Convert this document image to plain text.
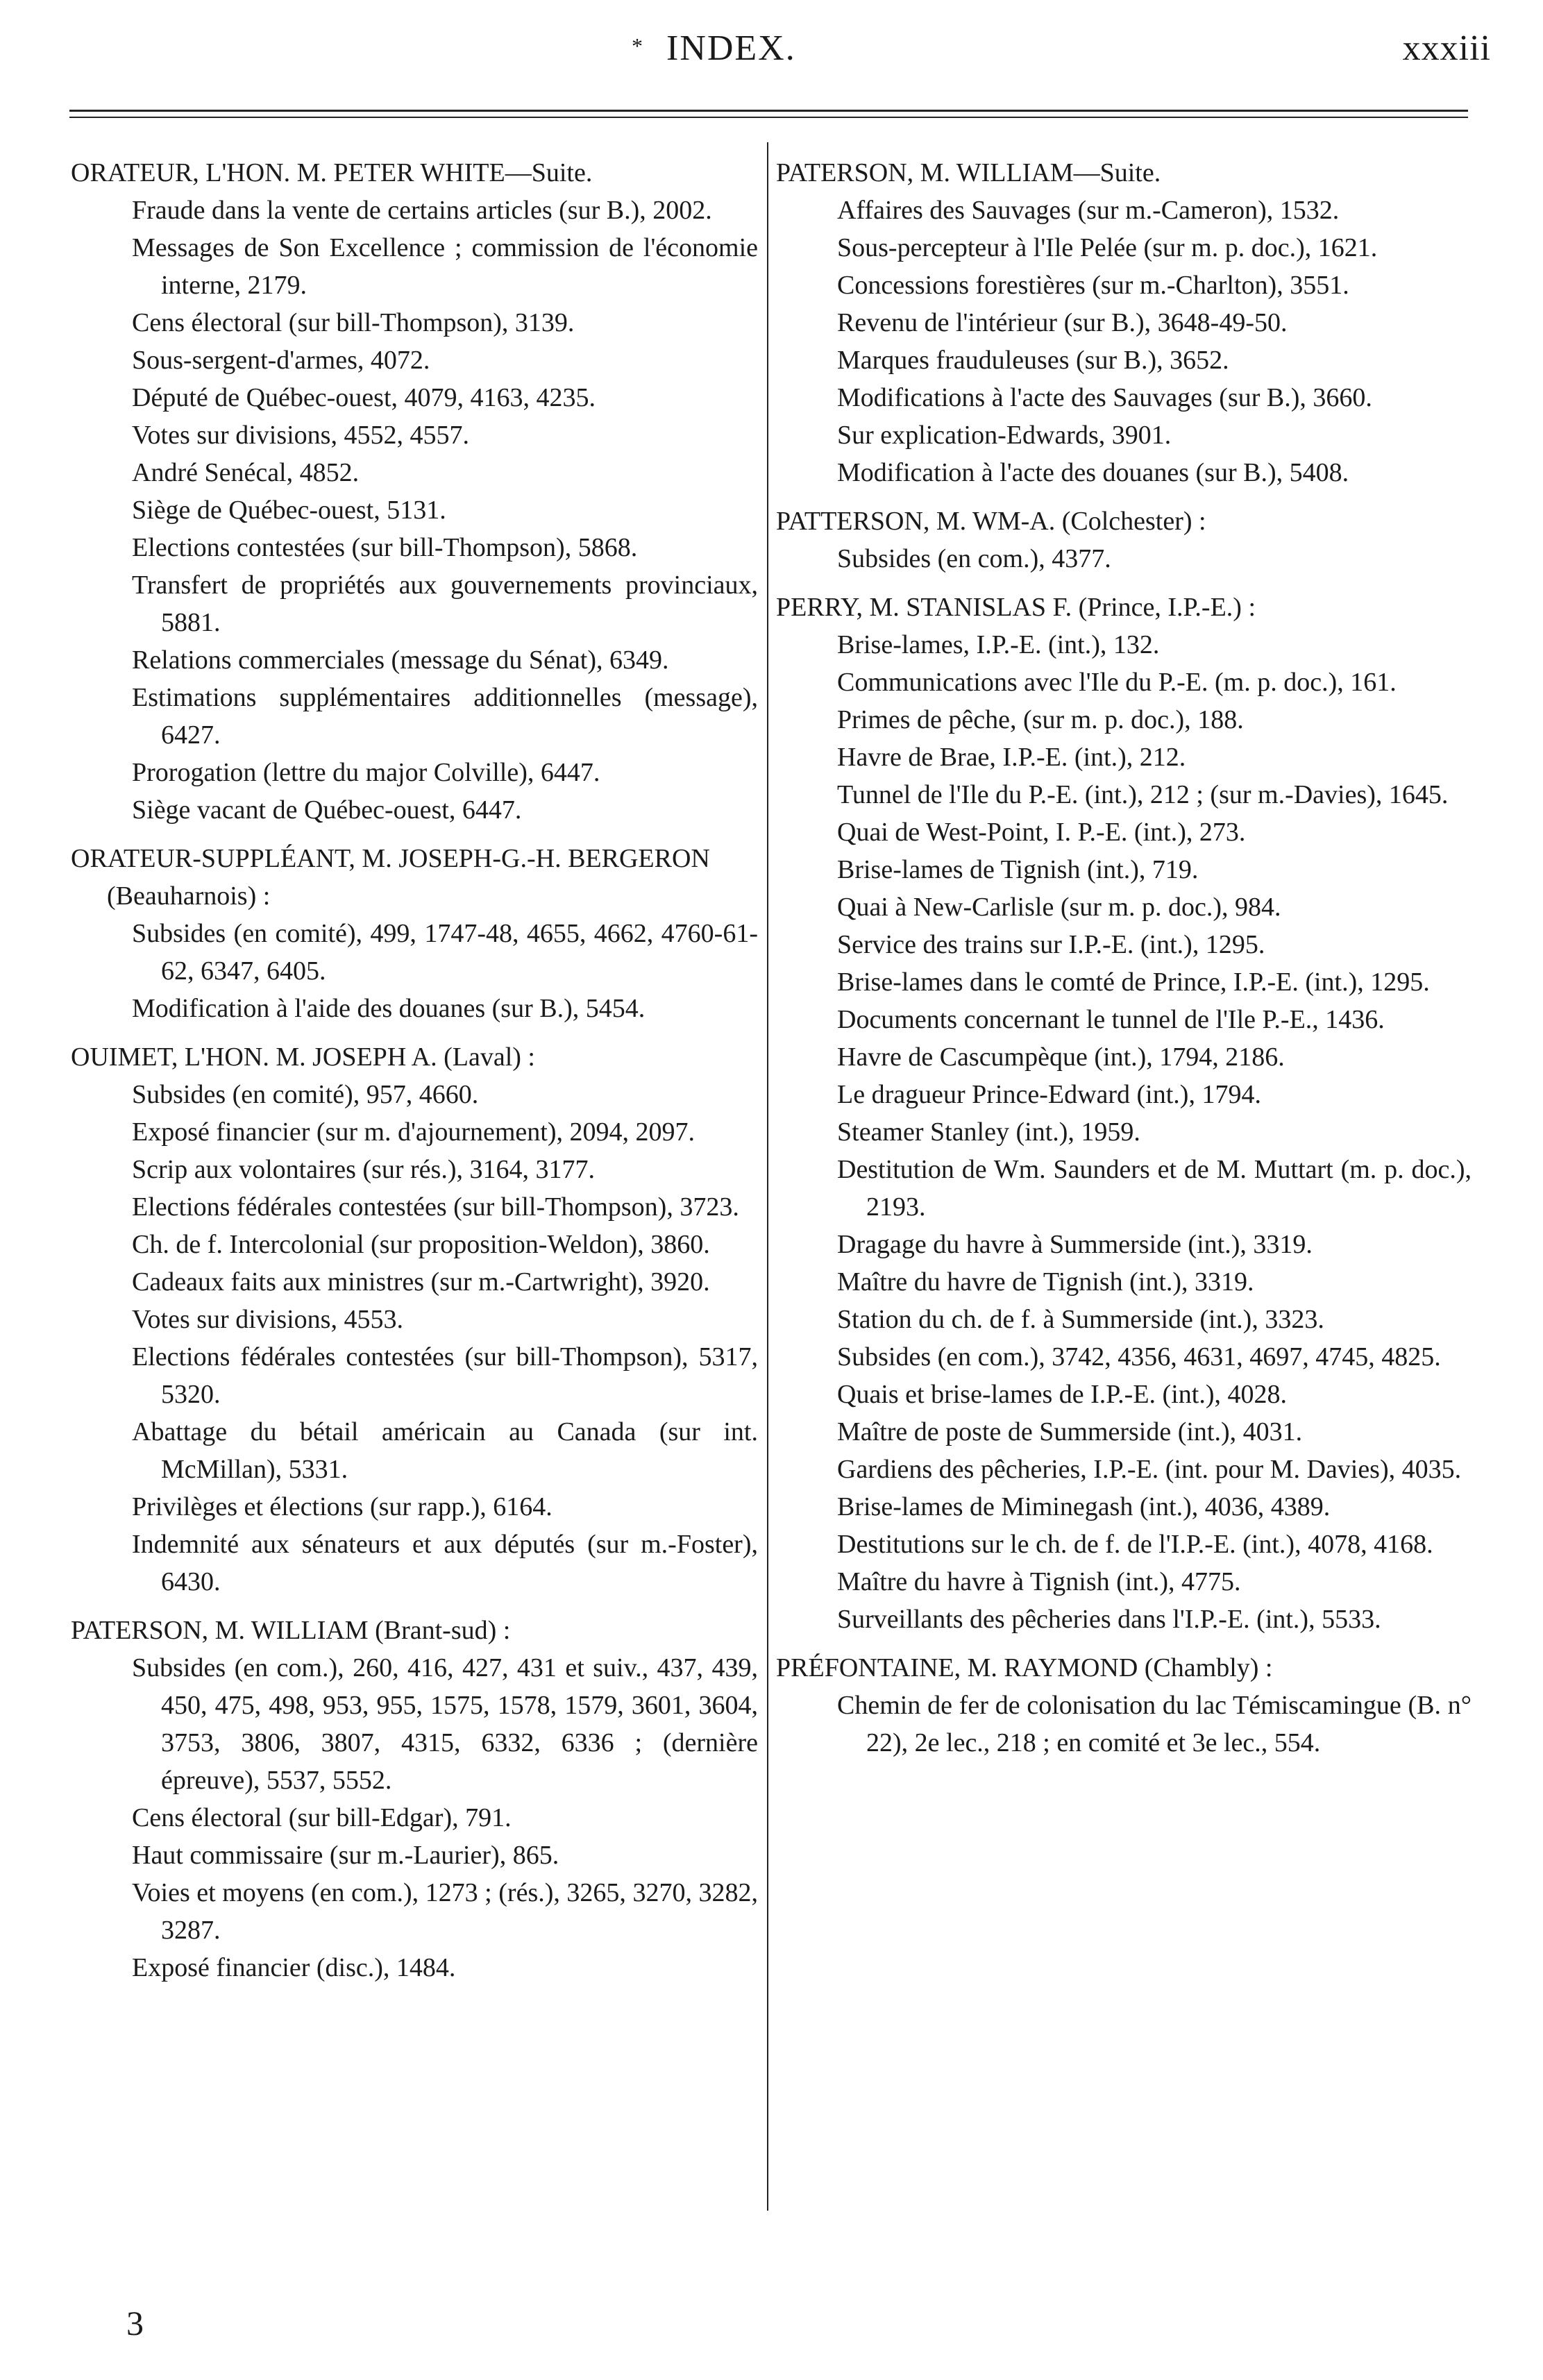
* INDEX.	xxxiii
ORATEUR, L'HON. M. PETER WHITE—Suite.
Fraude dans la vente de certains articles (sur B.), 2002.
Messages de Son Excellence ; commission de l'économie interne, 2179.
Cens électoral (sur bill-Thompson), 3139.
Sous-sergent-d'armes, 4072.
Député de Québec-ouest, 4079, 4163, 4235.
Votes sur divisions, 4552, 4557.
André Senécal, 4852.
Siège de Québec-ouest, 5131.
Elections contestées (sur bill-Thompson), 5868.
Transfert de propriétés aux gouvernements provinciaux, 5881.
Relations commerciales (message du Sénat), 6349.
Estimations supplémentaires additionnelles (message), 6427.
Prorogation (lettre du major Colville), 6447.
Siège vacant de Québec-ouest, 6447.
ORATEUR-SUPPLÉANT, M. JOSEPH-G.-H. BERGERON (Beauharnois) :
Subsides (en comité), 499, 1747-48, 4655, 4662, 4760-61-62, 6347, 6405.
Modification à l'aide des douanes (sur B.), 5454.
OUIMET, L'HON. M. JOSEPH A. (Laval) :
Subsides (en comité), 957, 4660.
Exposé financier (sur m. d'ajournement), 2094, 2097.
Scrip aux volontaires (sur rés.), 3164, 3177.
Elections fédérales contestées (sur bill-Thompson), 3723.
Ch. de f. Intercolonial (sur proposition-Weldon), 3860.
Cadeaux faits aux ministres (sur m.-Cartwright), 3920.
Votes sur divisions, 4553.
Elections fédérales contestées (sur bill-Thompson), 5317, 5320.
Abattage du bétail américain au Canada (sur int. McMillan), 5331.
Privilèges et élections (sur rapp.), 6164.
Indemnité aux sénateurs et aux députés (sur m.-Foster), 6430.
PATERSON, M. WILLIAM (Brant-sud) :
Subsides (en com.), 260, 416, 427, 431 et suiv., 437, 439, 450, 475, 498, 953, 955, 1575, 1578, 1579, 3601, 3604, 3753, 3806, 3807, 4315, 6332, 6336 ; (dernière épreuve), 5537, 5552.
Cens électoral (sur bill-Edgar), 791.
Haut commissaire (sur m.-Laurier), 865.
Voies et moyens (en com.), 1273 ; (rés.), 3265, 3270, 3282, 3287.
Exposé financier (disc.), 1484.
PATERSON, M. WILLIAM—Suite.
Affaires des Sauvages (sur m.-Cameron), 1532.
Sous-percepteur à l'Ile Pelée (sur m. p. doc.), 1621.
Concessions forestières (sur m.-Charlton), 3551.
Revenu de l'intérieur (sur B.), 3648-49-50.
Marques frauduleuses (sur B.), 3652.
Modifications à l'acte des Sauvages (sur B.), 3660.
Sur explication-Edwards, 3901.
Modification à l'acte des douanes (sur B.), 5408.
PATTERSON, M. WM-A. (Colchester) :
Subsides (en com.), 4377.
PERRY, M. STANISLAS F. (Prince, I.P.-E.) :
Brise-lames, I.P.-E. (int.), 132.
Communications avec l'Ile du P.-E. (m. p. doc.), 161.
Primes de pêche, (sur m. p. doc.), 188.
Havre de Brae, I.P.-E. (int.), 212.
Tunnel de l'Ile du P.-E. (int.), 212 ; (sur m.-Davies), 1645.
Quai de West-Point, I. P.-E. (int.), 273.
Brise-lames de Tignish (int.), 719.
Quai à New-Carlisle (sur m. p. doc.), 984.
Service des trains sur I.P.-E. (int.), 1295.
Brise-lames dans le comté de Prince, I.P.-E. (int.), 1295.
Documents concernant le tunnel de l'Ile P.-E., 1436.
Havre de Cascumpèque (int.), 1794, 2186.
Le dragueur Prince-Edward (int.), 1794.
Steamer Stanley (int.), 1959.
Destitution de Wm. Saunders et de M. Muttart (m. p. doc.), 2193.
Dragage du havre à Summerside (int.), 3319.
Maître du havre de Tignish (int.), 3319.
Station du ch. de f. à Summerside (int.), 3323.
Subsides (en com.), 3742, 4356, 4631, 4697, 4745, 4825.
Quais et brise-lames de I.P.-E. (int.), 4028.
Maître de poste de Summerside (int.), 4031.
Gardiens des pêcheries, I.P.-E. (int. pour M. Davies), 4035.
Brise-lames de Miminegash (int.), 4036, 4389.
Destitutions sur le ch. de f. de l'I.P.-E. (int.), 4078, 4168.
Maître du havre à Tignish (int.), 4775.
Surveillants des pêcheries dans l'I.P.-E. (int.), 5533.
PRÉFONTAINE, M. RAYMOND (Chambly) :
Chemin de fer de colonisation du lac Témiscamingue (B. n° 22), 2e lec., 218 ; en comité et 3e lec., 554.
3
